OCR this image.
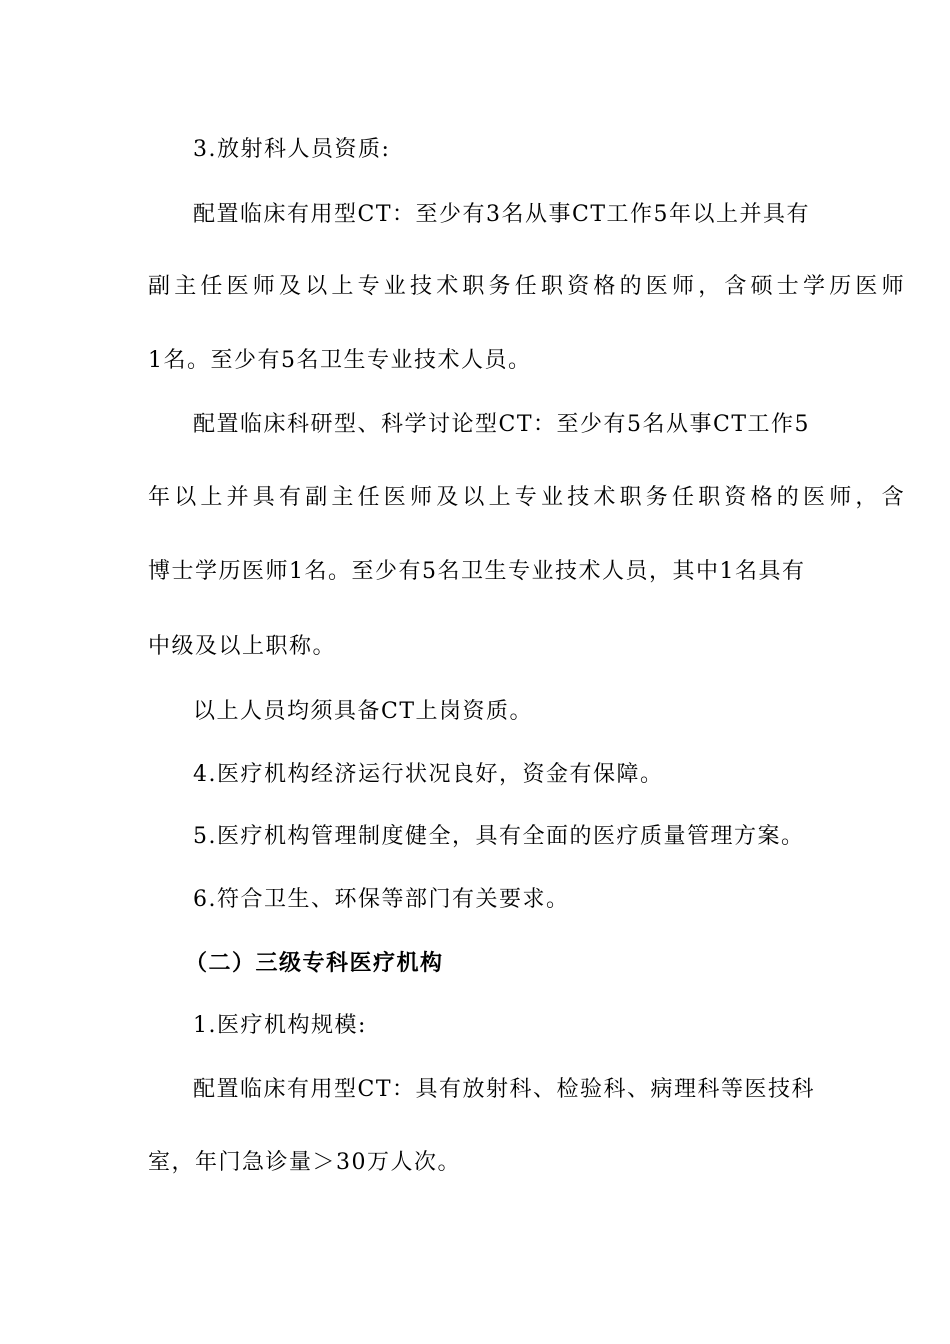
3.放射科人员资质:
配置临床有用型CT：至少有3名从事CT工作5年以上并具有
副主任医师及以上专业技术职务任职资格的医师，含硕士学历医师
1名。至少有5名卫生专业技术人员。
配置临床科研型、科学讨论型CT：至少有5名从事CT工作5
年以上并具有副主任医师及以上专业技术职务任职资格的医师，含
博士学历医师1名。至少有5名卫生专业技术人员，其中1名具有
中级及以上职称。
以上人员均须具备CT上岗资质。
4.医疗机构经济运行状况良好，资金有保障。
5.医疗机构管理制度健全，具有全面的医疗质量管理方案。
6.符合卫生、环保等部门有关要求。
（二）三级专科医疗机构
1.医疗机构规模:
配置临床有用型CT：具有放射科、检验科、病理科等医技科
室，年门急诊量＞30万人次。
